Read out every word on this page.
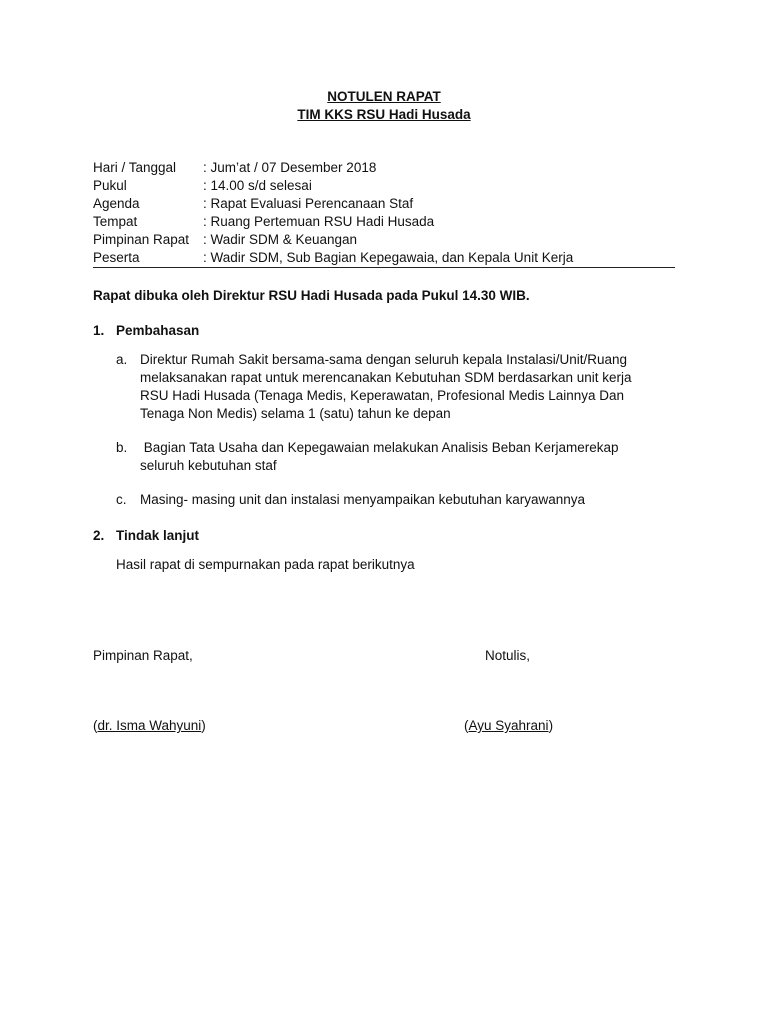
NOTULEN RAPAT
TIM KKS RSU Hadi Husada
Hari / Tanggal : Jum’at / 07 Desember 2018
Pukul	: 14.00 s/d selesai
Agenda	: Rapat Evaluasi Perencanaan Staf
Tempat	: Ruang Pertemuan RSU Hadi Husada
Pimpinan Rapat : Wadir SDM & Keuangan
Peserta	: Wadir SDM, Sub Bagian Kepegawaia, dan Kepala Unit Kerja
Rapat dibuka oleh Direktur RSU Hadi Husada pada Pukul 14.30 WIB.
1. Pembahasan
a. Direktur Rumah Sakit bersama-sama dengan seluruh kepala Instalasi/Unit/Ruang
melaksanakan rapat untuk merencanakan Kebutuhan SDM berdasarkan unit kerja
RSU Hadi Husada (Tenaga Medis, Keperawatan, Profesional Medis Lainnya Dan
Tenaga Non Medis) selama 1 (satu) tahun ke depan
b. Bagian Tata Usaha dan Kepegawaian melakukan Analisis Beban Kerjamerekap
seluruh kebutuhan staf
c. Masing- masing unit dan instalasi menyampaikan kebutuhan karyawannya
2. Tindak lanjut
Hasil rapat di sempurnakan pada rapat berikutnya
Pimpinan Rapat,	Notulis,
(dr. Isma Wahyuni)	(Ayu Syahrani)
